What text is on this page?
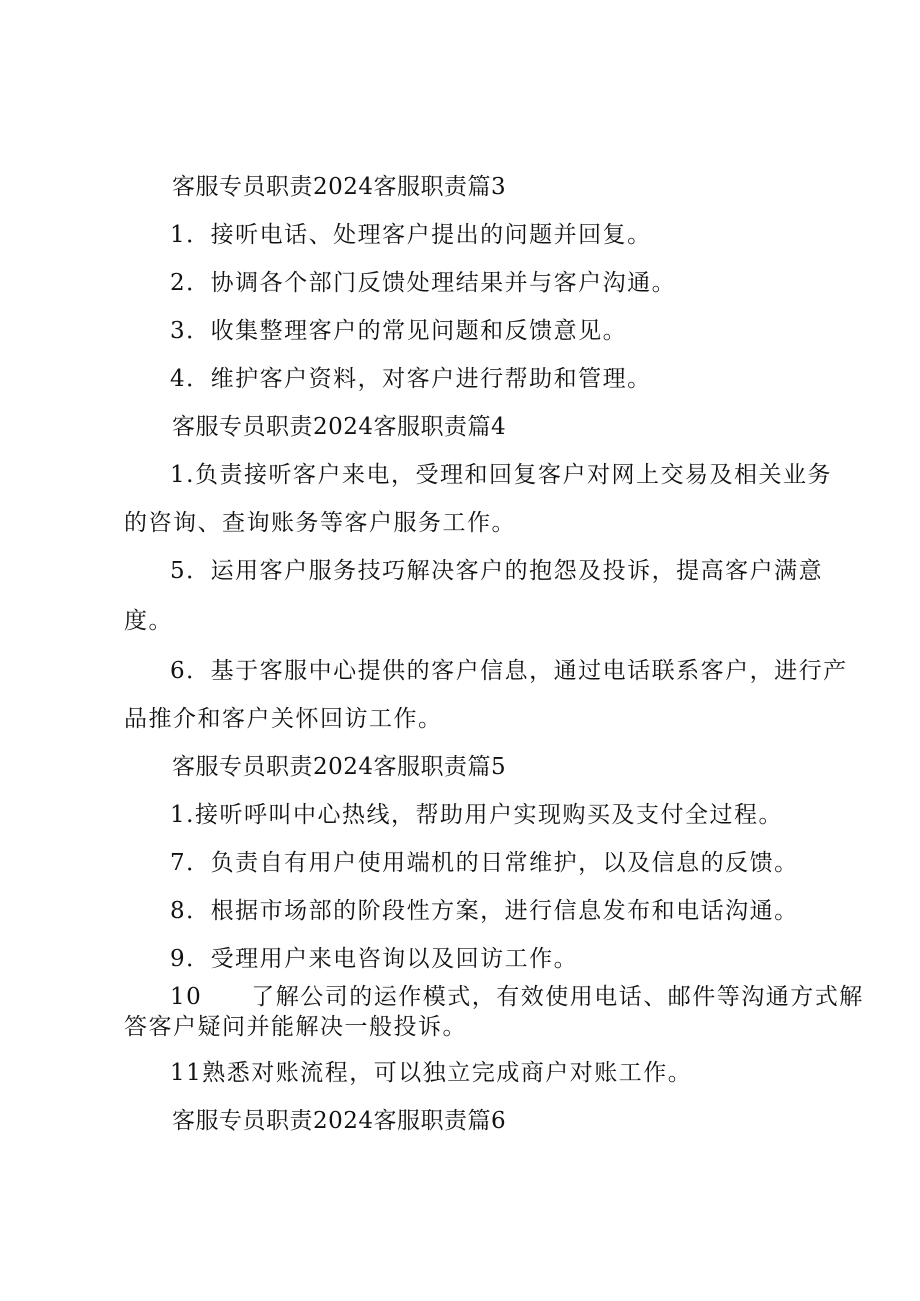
客服专员职责2024客服职责篇3
1．接听电话、处理客户提出的问题并回复。
2．协调各个部门反馈处理结果并与客户沟通。
3．收集整理客户的常见问题和反馈意见。
4．维护客户资料，对客户进行帮助和管理。
客服专员职责2024客服职责篇4
1.负责接听客户来电，受理和回复客户对网上交易及相关业务
的咨询、查询账务等客户服务工作。
5．运用客户服务技巧解决客户的抱怨及投诉，提高客户满意
度。
6．基于客服中心提供的客户信息，通过电话联系客户，进行产
品推介和客户关怀回访工作。
客服专员职责2024客服职责篇5
1.接听呼叫中心热线，帮助用户实现购买及支付全过程。
7．负责自有用户使用端机的日常维护，以及信息的反馈。
8．根据市场部的阶段性方案，进行信息发布和电话沟通。
9．受理用户来电咨询以及回访工作。
10　　了解公司的运作模式，有效使用电话、邮件等沟通方式解
答客户疑问并能解决一般投诉。
11熟悉对账流程，可以独立完成商户对账工作。
客服专员职责2024客服职责篇6
